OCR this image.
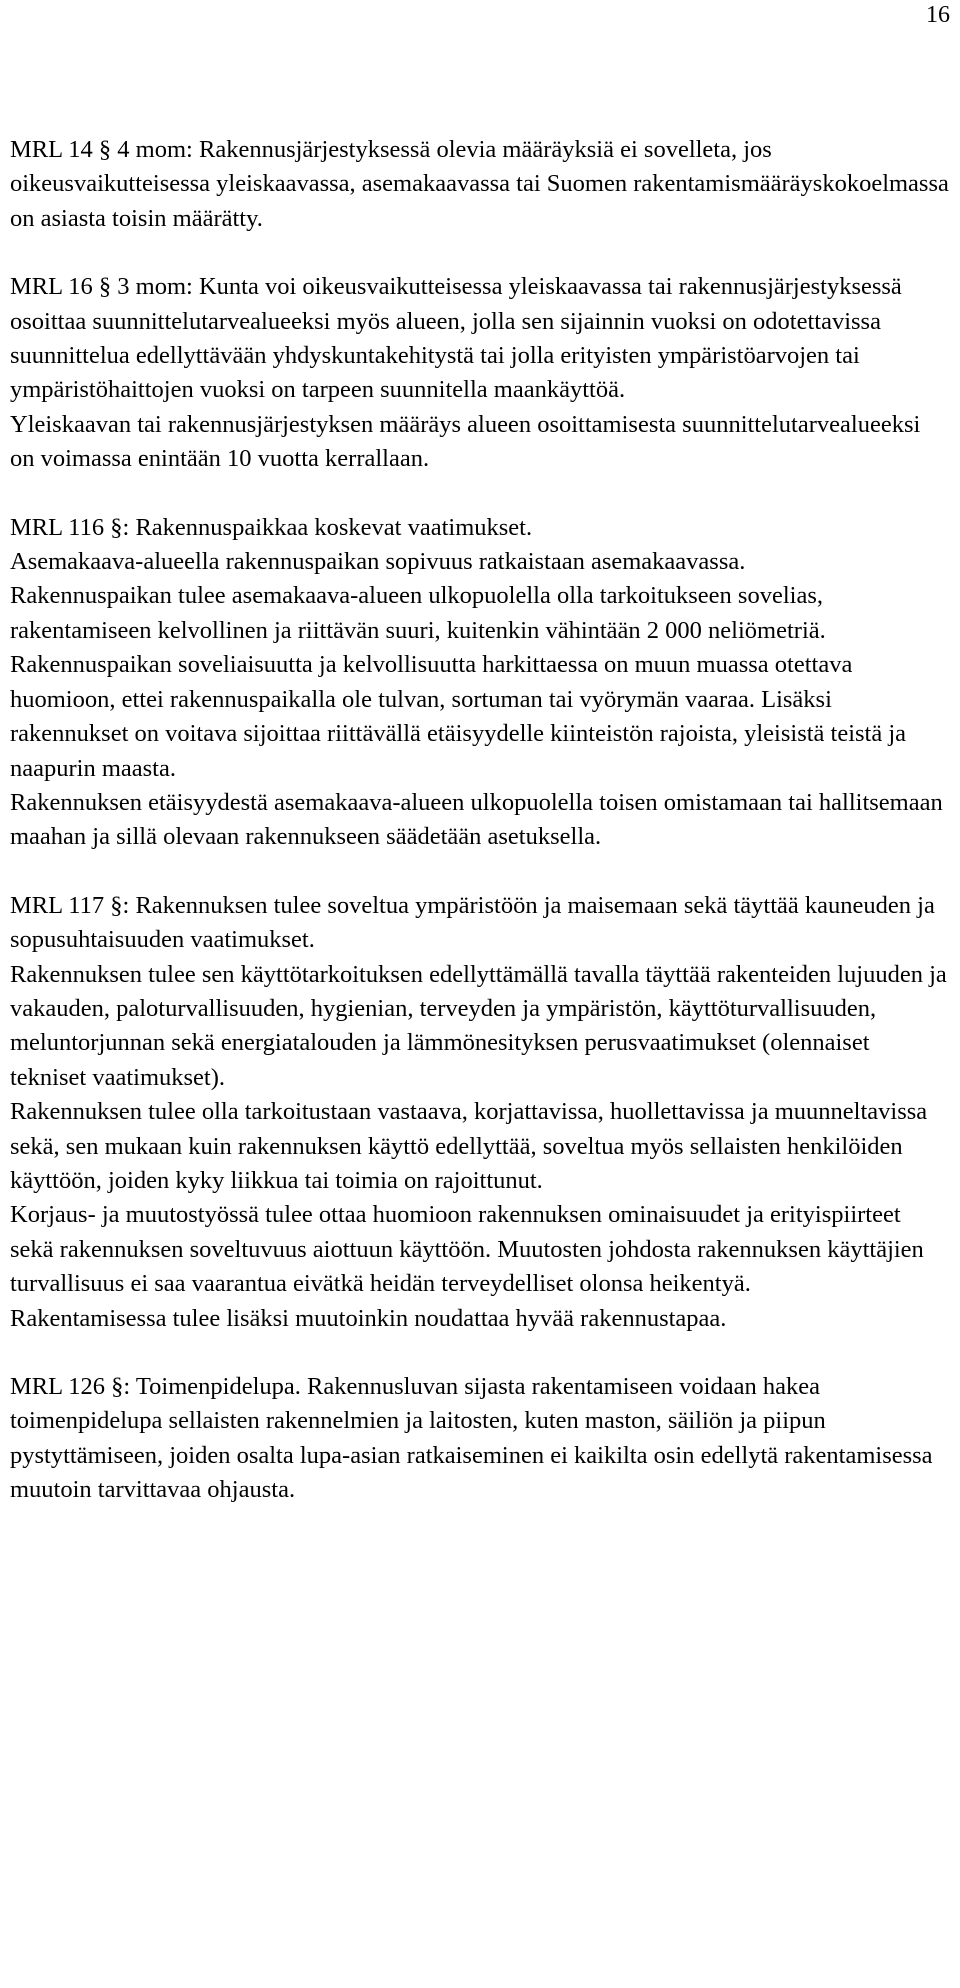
16

MRL 14 § 4 mom: Rakennusjärjestyksessä olevia määräyksiä ei sovelleta, jos oikeusvaikutteisessa yleiskaavassa, asemakaavassa tai Suomen rakentamismääräyskokoelmassa on asiasta toisin määrätty.

MRL 16 § 3 mom: Kunta voi oikeusvaikutteisessa yleiskaavassa tai rakennusjärjestyksessä osoittaa suunnittelutarvealueeksi myös alueen, jolla sen sijainnin vuoksi on odotettavissa suunnittelua edellyttävään yhdyskuntakehitystä tai jolla erityisten ympäristöarvojen tai ympäristöhaittojen vuoksi on tarpeen suunnitella maankäyttöä.

Yleiskaavan tai rakennusjärjestyksen määräys alueen osoittamisesta suunnittelutarvealueeksi on voimassa enintään 10 vuotta kerrallaan.

MRL 116 §: Rakennuspaikkaa koskevat vaatimukset.

Asemakaava-alueella rakennuspaikan sopivuus ratkaistaan asemakaavassa.

Rakennuspaikan tulee asemakaava-alueen ulkopuolella olla tarkoitukseen sovelias, rakentamiseen kelvollinen ja riittävän suuri, kuitenkin vähintään 2 000 neliömetriä. Rakennuspaikan soveliaisuutta ja kelvollisuutta harkittaessa on muun muassa otettava huomioon, ettei rakennuspaikalla ole tulvan, sortuman tai vyörymän vaaraa. Lisäksi rakennukset on voitava sijoittaa riittävällä etäisyydelle kiinteistön rajoista, yleisistä teistä ja naapurin maasta.

Rakennuksen etäisyydestä asemakaava-alueen ulkopuolella toisen omistamaan tai hallitsemaan maahan ja sillä olevaan rakennukseen säädetään asetuksella.

MRL 117 §: Rakennuksen tulee soveltua ympäristöön ja maisemaan sekä täyttää kauneuden ja sopusuhtaisuuden vaatimukset.

Rakennuksen tulee sen käyttötarkoituksen edellyttämällä tavalla täyttää rakenteiden lujuuden ja vakauden, paloturvallisuuden, hygienian, terveyden ja ympäristön, käyttöturvallisuuden, meluntorjunnan sekä energiatalouden ja lämmönesityksen perusvaatimukset (olennaiset tekniset vaatimukset).

Rakennuksen tulee olla tarkoitustaan vastaava, korjattavissa, huollettavissa ja muunneltavissa sekä, sen mukaan kuin rakennuksen käyttö edellyttää, soveltua myös sellaisten henkilöiden käyttöön, joiden kyky liikkua tai toimia on rajoittunut.

Korjaus- ja muutostyössä tulee ottaa huomioon rakennuksen ominaisuudet ja erityispiirteet sekä rakennuksen soveltuvuus aiottuun käyttöön. Muutosten johdosta rakennuksen käyttäjien turvallisuus ei saa vaarantua eivätkä heidän terveydelliset olonsa heikentyä.

Rakentamisessa tulee lisäksi muutoinkin noudattaa hyvää rakennustapaa.

MRL 126 §: Toimenpidelupa. Rakennusluvan sijasta rakentamiseen voidaan hakea toimenpidelupa sellaisten rakennelmien ja laitosten, kuten maston, säiliön ja piipun pystyttämiseen, joiden osalta lupa-asian ratkaiseminen ei kaikilta osin edellytä rakentamisessa muutoin tarvittavaa ohjausta.
